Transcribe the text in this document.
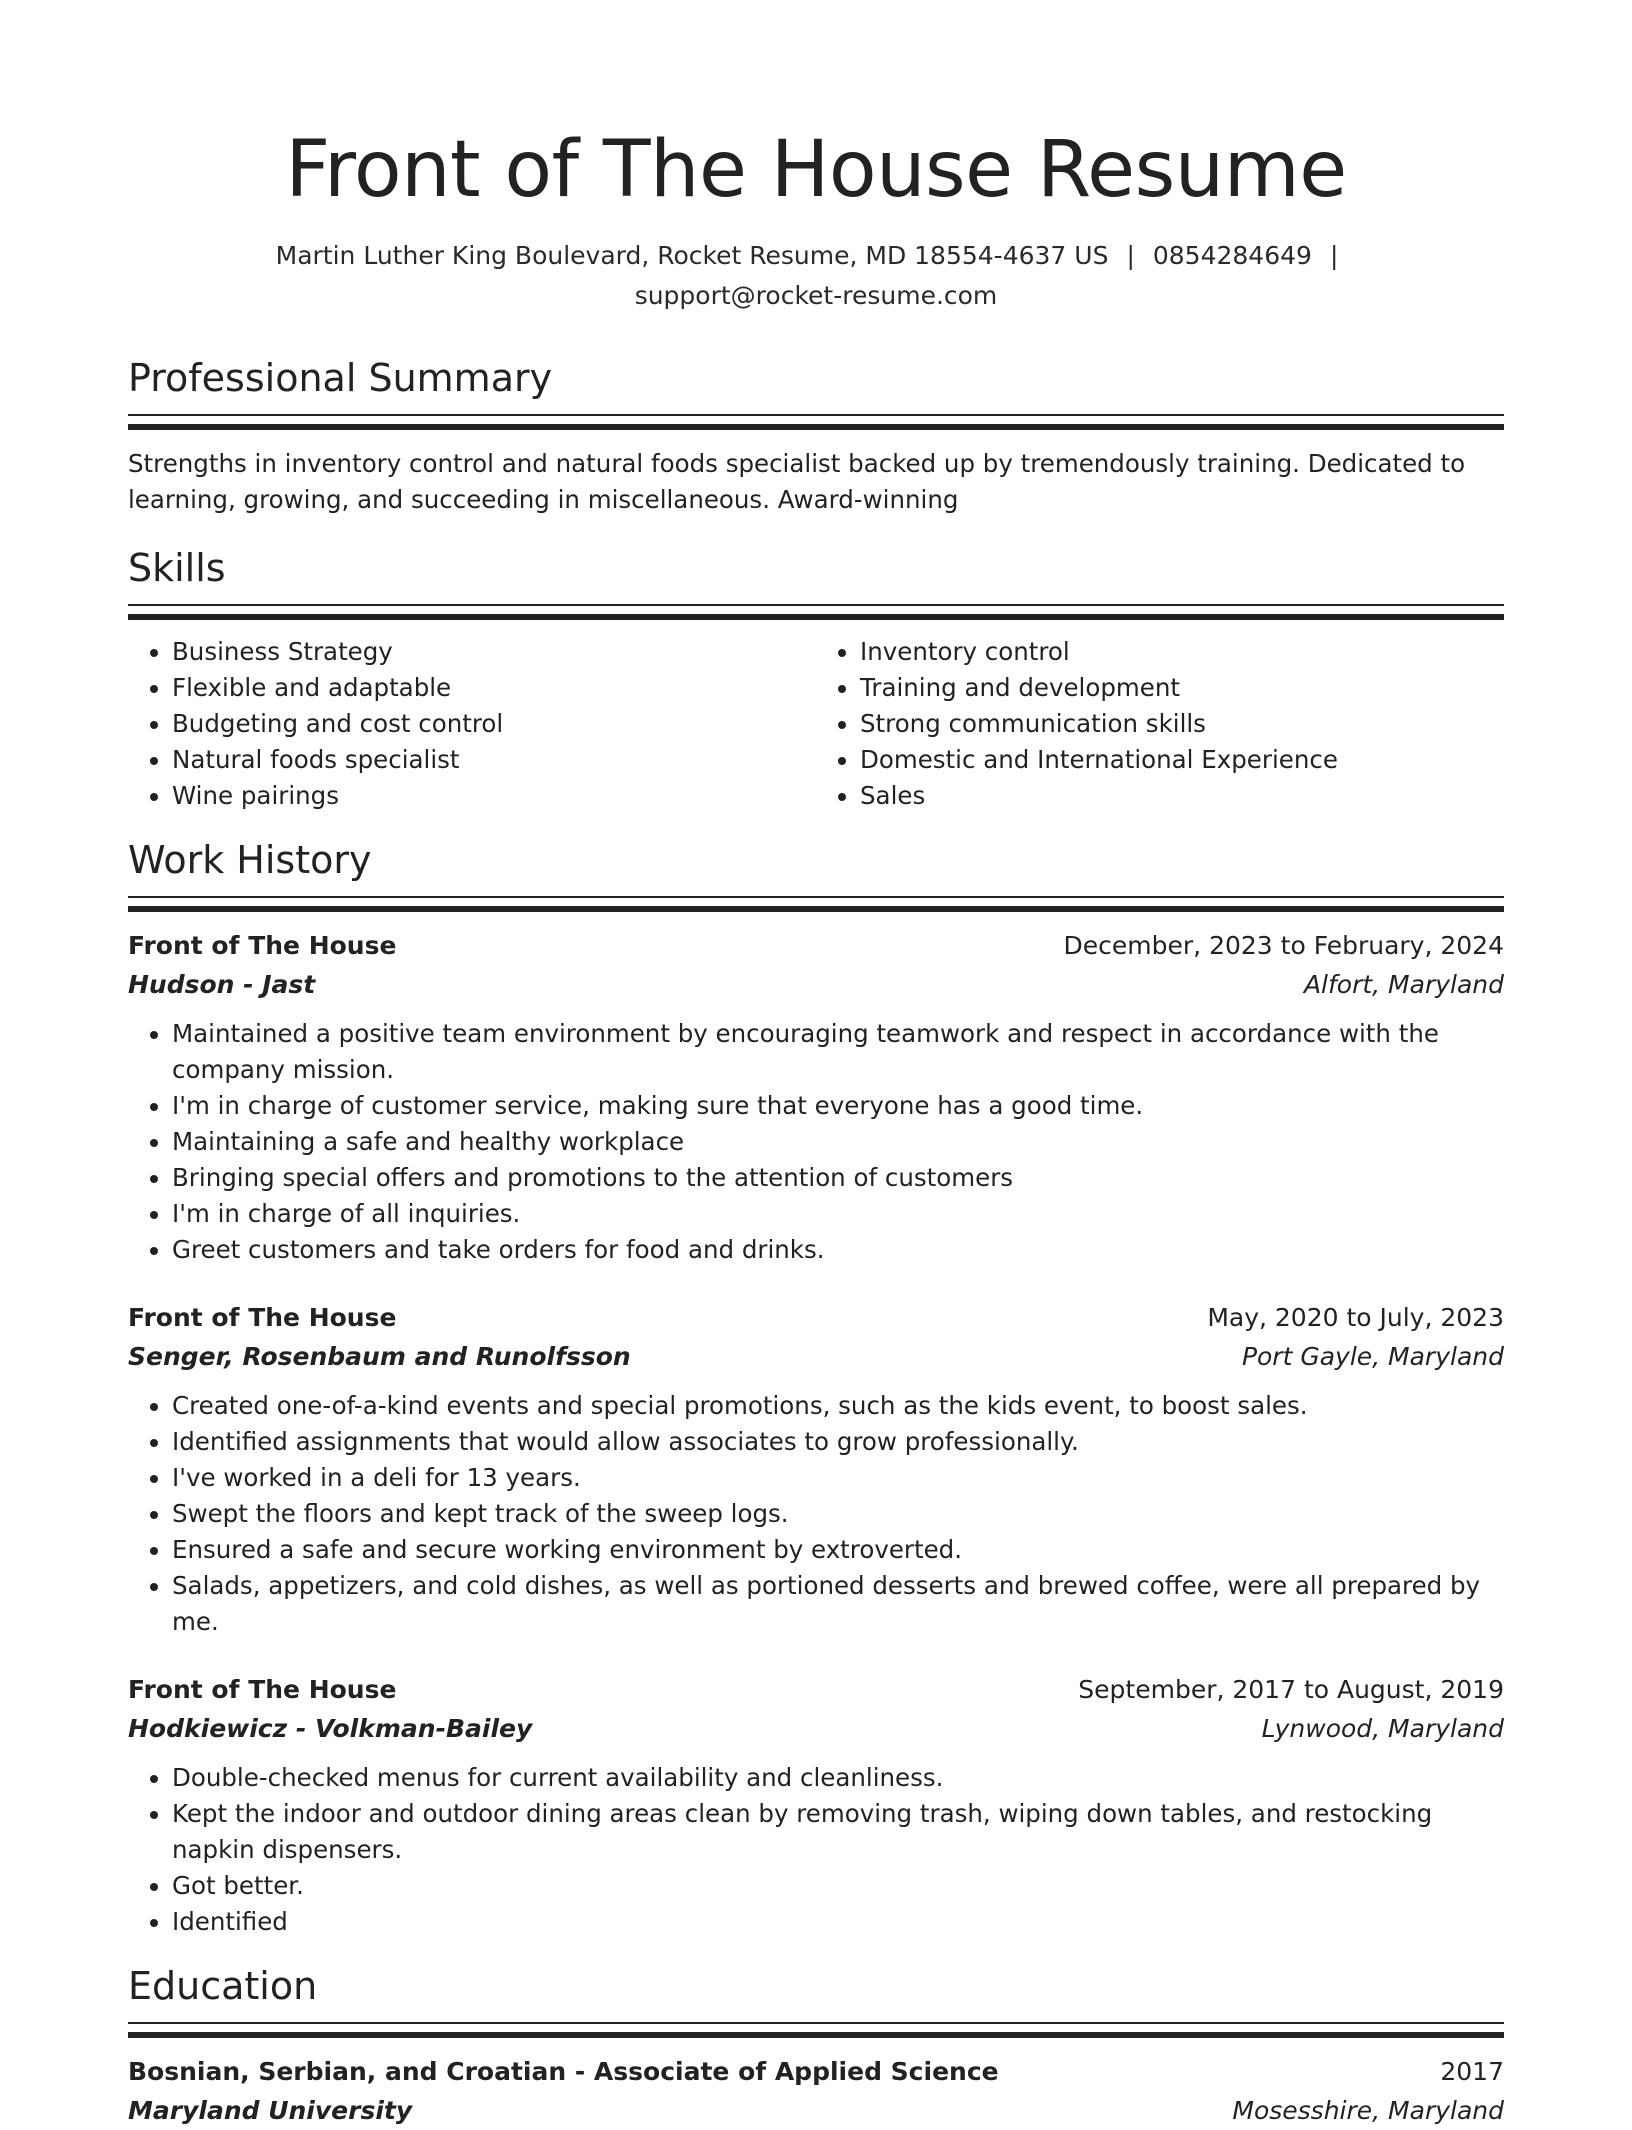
Front of The House Resume
Martin Luther King Boulevard, Rocket Resume, MD 18554-4637 US | 0854284649 |
support@rocket-resume.com
Professional Summary
Strengths in inventory control and natural foods specialist backed up by tremendously training. Dedicated to learning, growing, and succeeding in miscellaneous. Award-winning
Skills
• Business Strategy
• Flexible and adaptable
• Budgeting and cost control
• Natural foods specialist
• Wine pairings
• Inventory control
• Training and development
• Strong communication skills
• Domestic and International Experience
• Sales
Work History
Front of The House	December, 2023 to February, 2024
Hudson - Jast	Alfort, Maryland
• Maintained a positive team environment by encouraging teamwork and respect in accordance with the company mission.
• I'm in charge of customer service, making sure that everyone has a good time.
• Maintaining a safe and healthy workplace
• Bringing special offers and promotions to the attention of customers
• I'm in charge of all inquiries.
• Greet customers and take orders for food and drinks.
Front of The House	May, 2020 to July, 2023
Senger, Rosenbaum and Runolfsson	Port Gayle, Maryland
• Created one-of-a-kind events and special promotions, such as the kids event, to boost sales.
• Identified assignments that would allow associates to grow professionally.
• I've worked in a deli for 13 years.
• Swept the floors and kept track of the sweep logs.
• Ensured a safe and secure working environment by extroverted.
• Salads, appetizers, and cold dishes, as well as portioned desserts and brewed coffee, were all prepared by me.
Front of The House	September, 2017 to August, 2019
Hodkiewicz - Volkman-Bailey	Lynwood, Maryland
• Double-checked menus for current availability and cleanliness.
• Kept the indoor and outdoor dining areas clean by removing trash, wiping down tables, and restocking napkin dispensers.
• Got better.
• Identified
Education
Bosnian, Serbian, and Croatian - Associate of Applied Science	2017
Maryland University	Mosesshire, Maryland
